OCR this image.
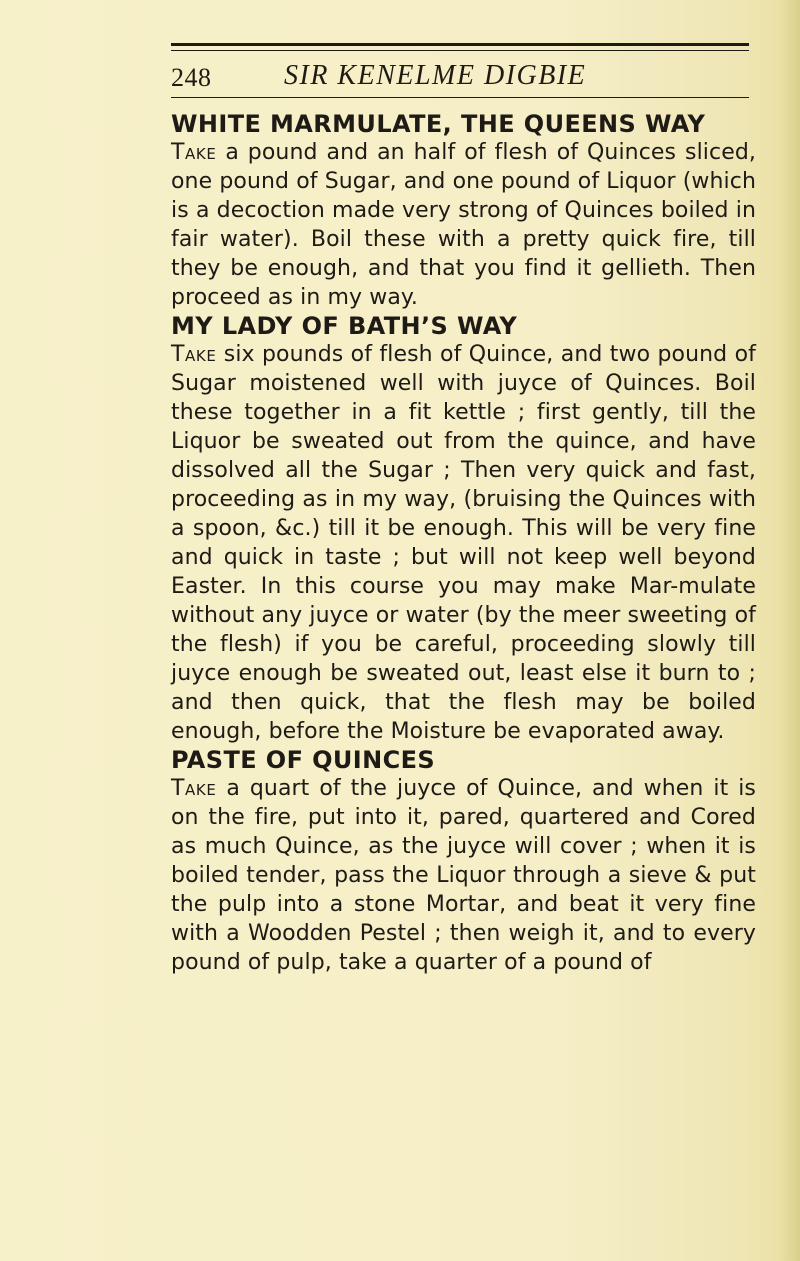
248	SIR KENELME DIGBIE
WHITE MARMULATE, THE QUEENS WAY

Take a pound and an half of flesh of Quinces sliced, one pound of Sugar, and one pound of Liquor (which is a decoction made very strong of Quinces boiled in fair water). Boil these with a pretty quick fire, till they be enough, and that you find it gellieth. Then proceed as in my way.

MY LADY OF BATH’S WAY

Take six pounds of flesh of Quince, and two pound of Sugar moistened well with juyce of Quinces. Boil these together in a fit kettle ; first gently, till the Liquor be sweated out from the quince, and have dissolved all the Sugar ; Then very quick and fast, proceeding as in my way, (bruising the Quinces with a spoon, &c.) till it be enough. This will be very fine and quick in taste ; but will not keep well beyond Easter. In this course you may make Mar-mulate without any juyce or water (by the meer sweeting of the flesh) if you be careful, proceeding slowly till juyce enough be sweated out, least else it burn to ; and then quick, that the flesh may be boiled enough, before the Moisture be evaporated away.

PASTE OF QUINCES

Take a quart of the juyce of Quince, and when it is on the fire, put into it, pared, quartered and Cored as much Quince, as the juyce will cover ; when it is boiled tender, pass the Liquor through a sieve & put the pulp into a stone Mortar, and beat it very fine with a Woodden Pestel ; then weigh it, and to every pound of pulp, take a quarter of a pound of
